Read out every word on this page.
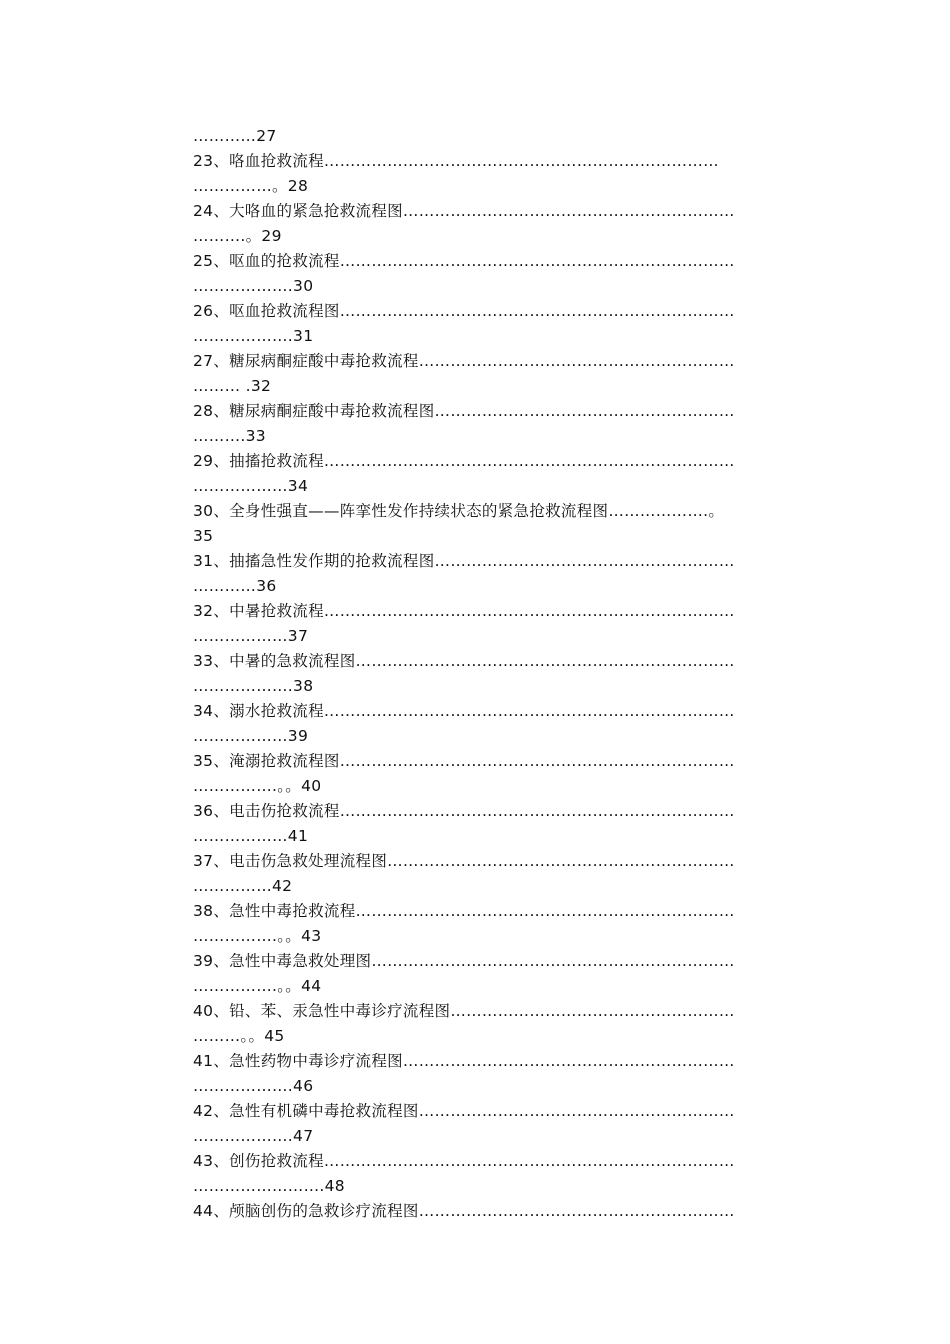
…………27
23、咯血抢救流程…………………………………………………………………
……………。28
24、大咯血的紧急抢救流程图………………………………………………………
……….。29
25、呕血的抢救流程…………………………………………………………………
……………….30
26、呕血抢救流程图…………………………………………………………………
……………….31
27、糖尿病酮症酸中毒抢救流程……………………………………………………
……… .32
28、糖尿病酮症酸中毒抢救流程图…………………………………………………
……….33
29、抽搐抢救流程……………………………………………………………………
………………34
30、全身性强直——阵挛性发作持续状态的紧急抢救流程图……………….。
35
31、抽搐急性发作期的抢救流程图…………………………………………………
…………36
32、中暑抢救流程……………………………………………………………………
………………37
33、中暑的急救流程图………………………………………………………………
……………….38
34、溺水抢救流程……………………………………………………………………
………………39
35、淹溺抢救流程图…………………………………………………………………
…………….。。40
36、电击伤抢救流程…………………………………………………………………
………………41
37、电击伤急救处理流程图…………………………………………………………
……………42
38、急性中毒抢救流程………………………………………………………………
…………….。。43
39、急性中毒急救处理图……………………………………………………………
…………….。。44
40、铅、苯、汞急性中毒诊疗流程图………………………………………………
………。。45
41、急性药物中毒诊疗流程图………………………………………………………
……………….46
42、急性有机磷中毒抢救流程图……………………………………………………
……………….47
43、创伤抢救流程……………………………………………………………………
…………………….48
44、颅脑创伤的急救诊疗流程图……………………………………………………
